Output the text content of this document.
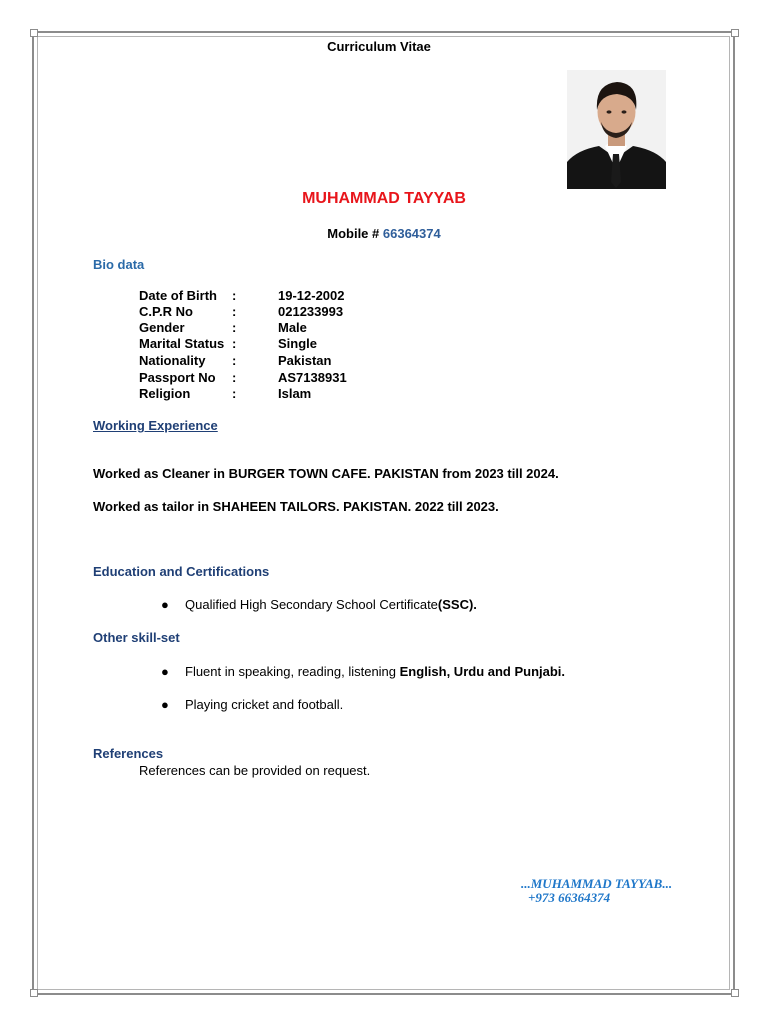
Curriculum Vitae
MUHAMMAD TAYYAB
Mobile # 66364374
Bio data
Date of Birth :	19-12-2002
C.P.R No	:	021233993
Gender	:	Male
Marital Status :	Single
Nationality :	Pakistan
Passport No :	AS7138931
Religion	:	Islam
Working Experience
Worked as Cleaner in BURGER TOWN CAFE. PAKISTAN from 2023 till 2024.
Worked as tailor in SHAHEEN TAILORS. PAKISTAN. 2022 till 2023.
Education and Certifications
● Qualified High Secondary School Certificate(SSC).
Other skill-set
● Fluent in speaking, reading, listening English, Urdu and Punjabi.
● Playing cricket and football.
References
References can be provided on request.
...MUHAMMAD TAYYAB...
+973 66364374
